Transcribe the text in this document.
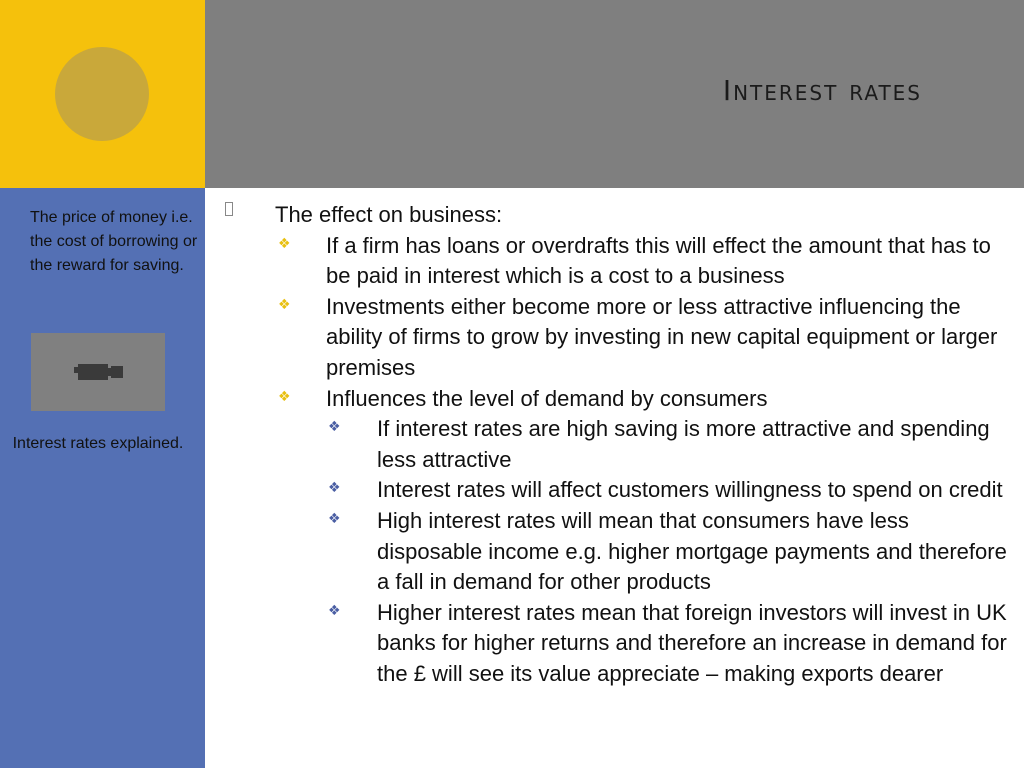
Interest rates
The price of money i.e. the cost of borrowing or the reward for saving.
Interest rates explained.
The effect on business:
❖ If a firm has loans or overdrafts this will effect the amount that has to be paid in interest which is a cost to a business
❖ Investments either become more or less attractive influencing the ability of firms to grow by investing in new capital equipment or larger premises
❖ Influences the level of demand by consumers
❖ If interest rates are high saving is more attractive and spending less attractive
❖ Interest rates will affect customers willingness to spend on credit
❖ High interest rates will mean that consumers have less disposable income e.g. higher mortgage payments and therefore a fall in demand for other products
❖ Higher interest rates mean that foreign investors will invest in UK banks for higher returns and therefore an increase in demand for the £ will see its value appreciate – making exports dearer
